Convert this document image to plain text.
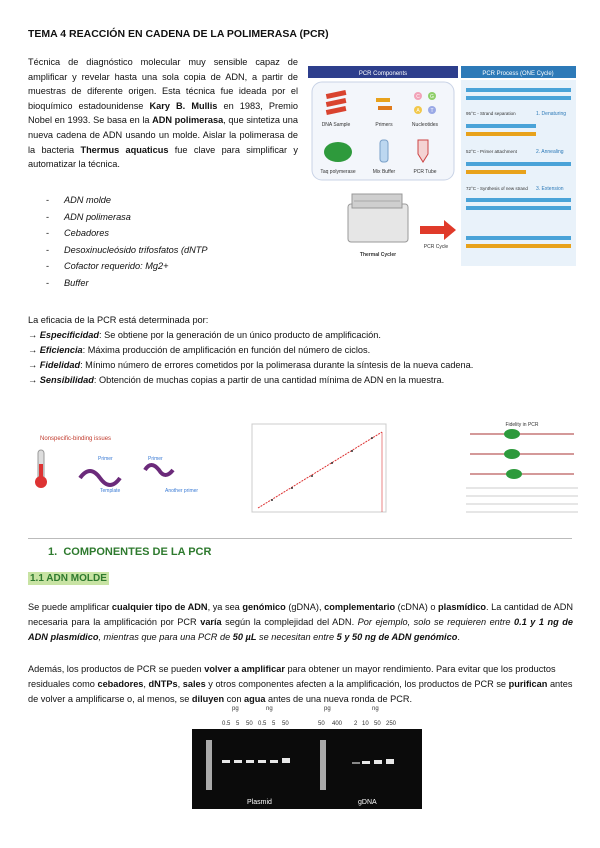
TEMA 4 REACCIÓN EN CADENA DE LA POLIMERASA (PCR)
Técnica de diagnóstico molecular muy sensible capaz de amplificar y revelar hasta una sola copia de ADN, a partir de muestras de diferente origen. Esta técnica fue ideada por el bioquímico estadounidense Kary B. Mullis en 1983, Premio Nobel en 1993. Se basa en la ADN polimerasa, que sintetiza una nueva cadena de ADN usando un molde. Aislar la polimerasa de la bacteria Thermus aquaticus fue clave para simplificar y automatizar la técnica.
- ADN molde
- ADN polimerasa
- Cebadores
- Desoxinucleósido trifosfatos (dNTP
- Cofactor requerido: Mg2+
- Buffer
PCR Components	PCR Process (ONE Cycle)
DNA Sample	Primers
C G
A T
Nucleotides
Taq polymerase	Mix Buffer	PCR Tube
Thermal Cycler
PCR Cycle
95°C - Strand separation	1. Denaturing
52°C - Primer attachment	2. Annealing
72°C - Synthesis of new strand 3. Extension
La eficacia de la PCR está determinada por:
→ Especificidad: Se obtiene por la generación de un único producto de amplificación.
→ Eficiencia: Máxima producción de amplificación en función del número de ciclos.
→ Fidelidad: Mínimo número de errores cometidos por la polimerasa durante la síntesis de la nueva cadena.
→ Sensibilidad: Obtención de muchas copias a partir de una cantidad mínima de ADN en la muestra.
Nonspecific-binding issues
Primer
Template
Primer
Another primer
Fidelity in PCR
1. COMPONENTES DE LA PCR
1.1 ADN MOLDE
Se puede amplificar cualquier tipo de ADN, ya sea genómico (gDNA), complementario (cDNA) o plasmídico. La cantidad de ADN necesaria para la amplificación por PCR varía según la complejidad del ADN. Por ejemplo, solo se requieren entre 0.1 y 1 ng de ADN plasmídico, mientras que para una PCR de 50 µL se necesitan entre 5 y 50 ng de ADN genómico.
Además, los productos de PCR se pueden volver a amplificar para obtener un mayor rendimiento. Para evitar que los productos residuales como cebadores, dNTPs, sales y otros componentes afecten a la amplificación, los productos de PCR se purifican antes de volver a amplificarse o, al menos, se diluyen con agua antes de una nueva ronda de PCR.
pg	ng	pg	ng
0.5 5 50 0.5 5 50	50 400 2 10 50 250
Plasmid	gDNA
